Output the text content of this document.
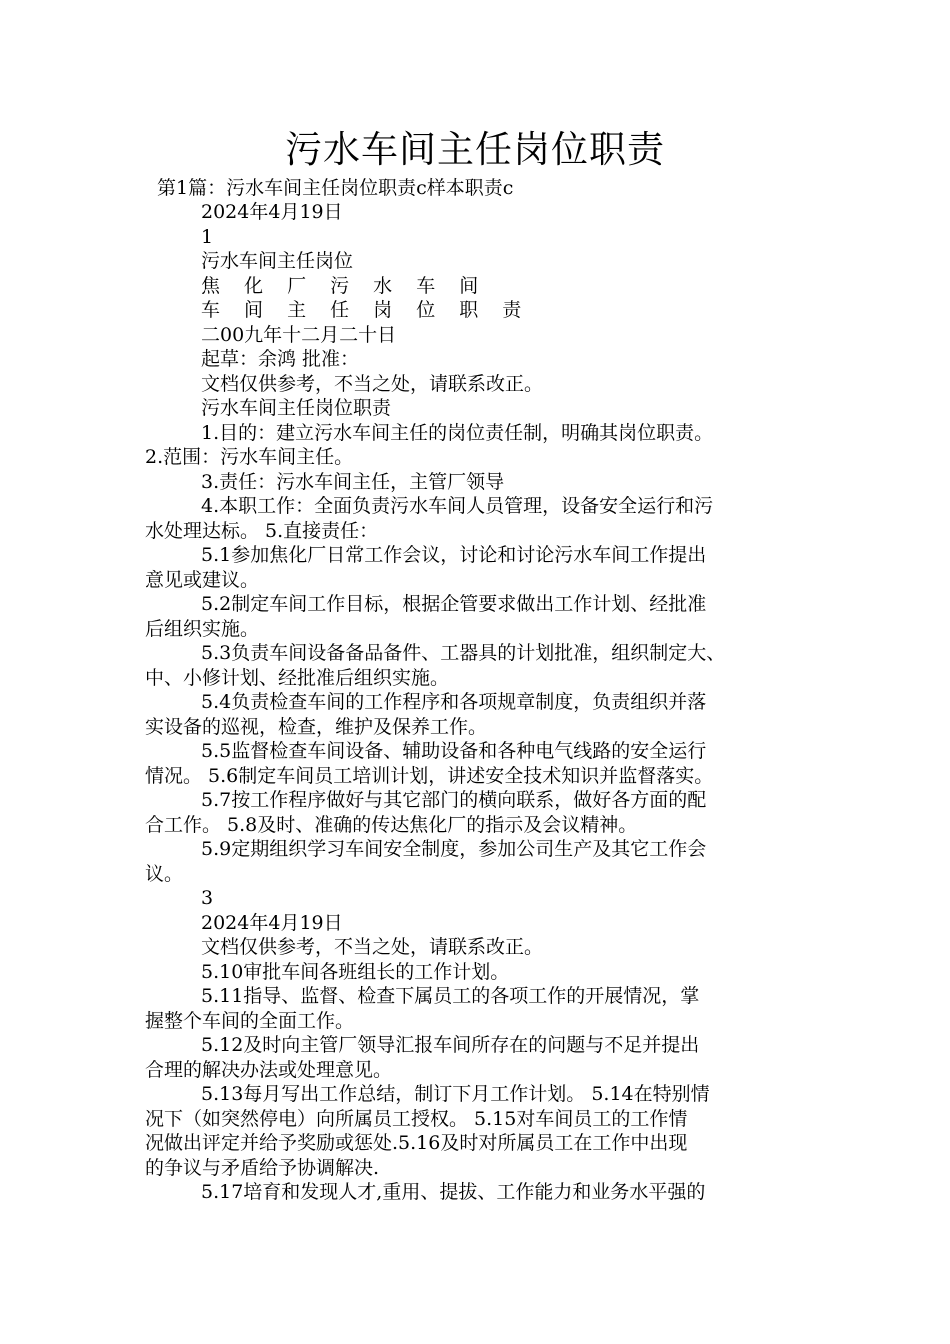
污水车间主任岗位职责
第1篇：污水车间主任岗位职责c样本职责c
2024年4月19日
1
污水车间主任岗位
焦 化 厂 污 水 车 间
车 间 主 任 岗 位 职 责
二00九年十二月二十日
起草：余鸿 批准：
文档仅供参考，不当之处，请联系改正。
污水车间主任岗位职责
1.目的：建立污水车间主任的岗位责任制，明确其岗位职责。
2.范围：污水车间主任。
3.责任：污水车间主任，主管厂领导
4.本职工作：全面负责污水车间人员管理，设备安全运行和污
水处理达标。 5.直接责任：
5.1参加焦化厂日常工作会议，讨论和讨论污水车间工作提出
意见或建议。
5.2制定车间工作目标，根据企管要求做出工作计划、经批准
后组织实施。
5.3负责车间设备备品备件、工器具的计划批准，组织制定大、
中、小修计划、经批准后组织实施。
5.4负责检查车间的工作程序和各项规章制度，负责组织并落
实设备的巡视，检查，维护及保养工作。
5.5监督检查车间设备、辅助设备和各种电气线路的安全运行
情况。 5.6制定车间员工培训计划，讲述安全技术知识并监督落实。
5.7按工作程序做好与其它部门的横向联系，做好各方面的配
合工作。 5.8及时、准确的传达焦化厂的指示及会议精神。
5.9定期组织学习车间安全制度，参加公司生产及其它工作会
议。
3
2024年4月19日
文档仅供参考，不当之处，请联系改正。
5.10审批车间各班组长的工作计划。
5.11指导、监督、检查下属员工的各项工作的开展情况，掌
握整个车间的全面工作。
5.12及时向主管厂领导汇报车间所存在的问题与不足并提出
合理的解决办法或处理意见。
5.13每月写出工作总结，制订下月工作计划。 5.14在特别情
况下（如突然停电）向所属员工授权。 5.15对车间员工的工作情
况做出评定并给予奖励或惩处.5.16及时对所属员工在工作中出现
的争议与矛盾给予协调解决.
5.17培育和发现人才,重用、提拔、工作能力和业务水平强的
